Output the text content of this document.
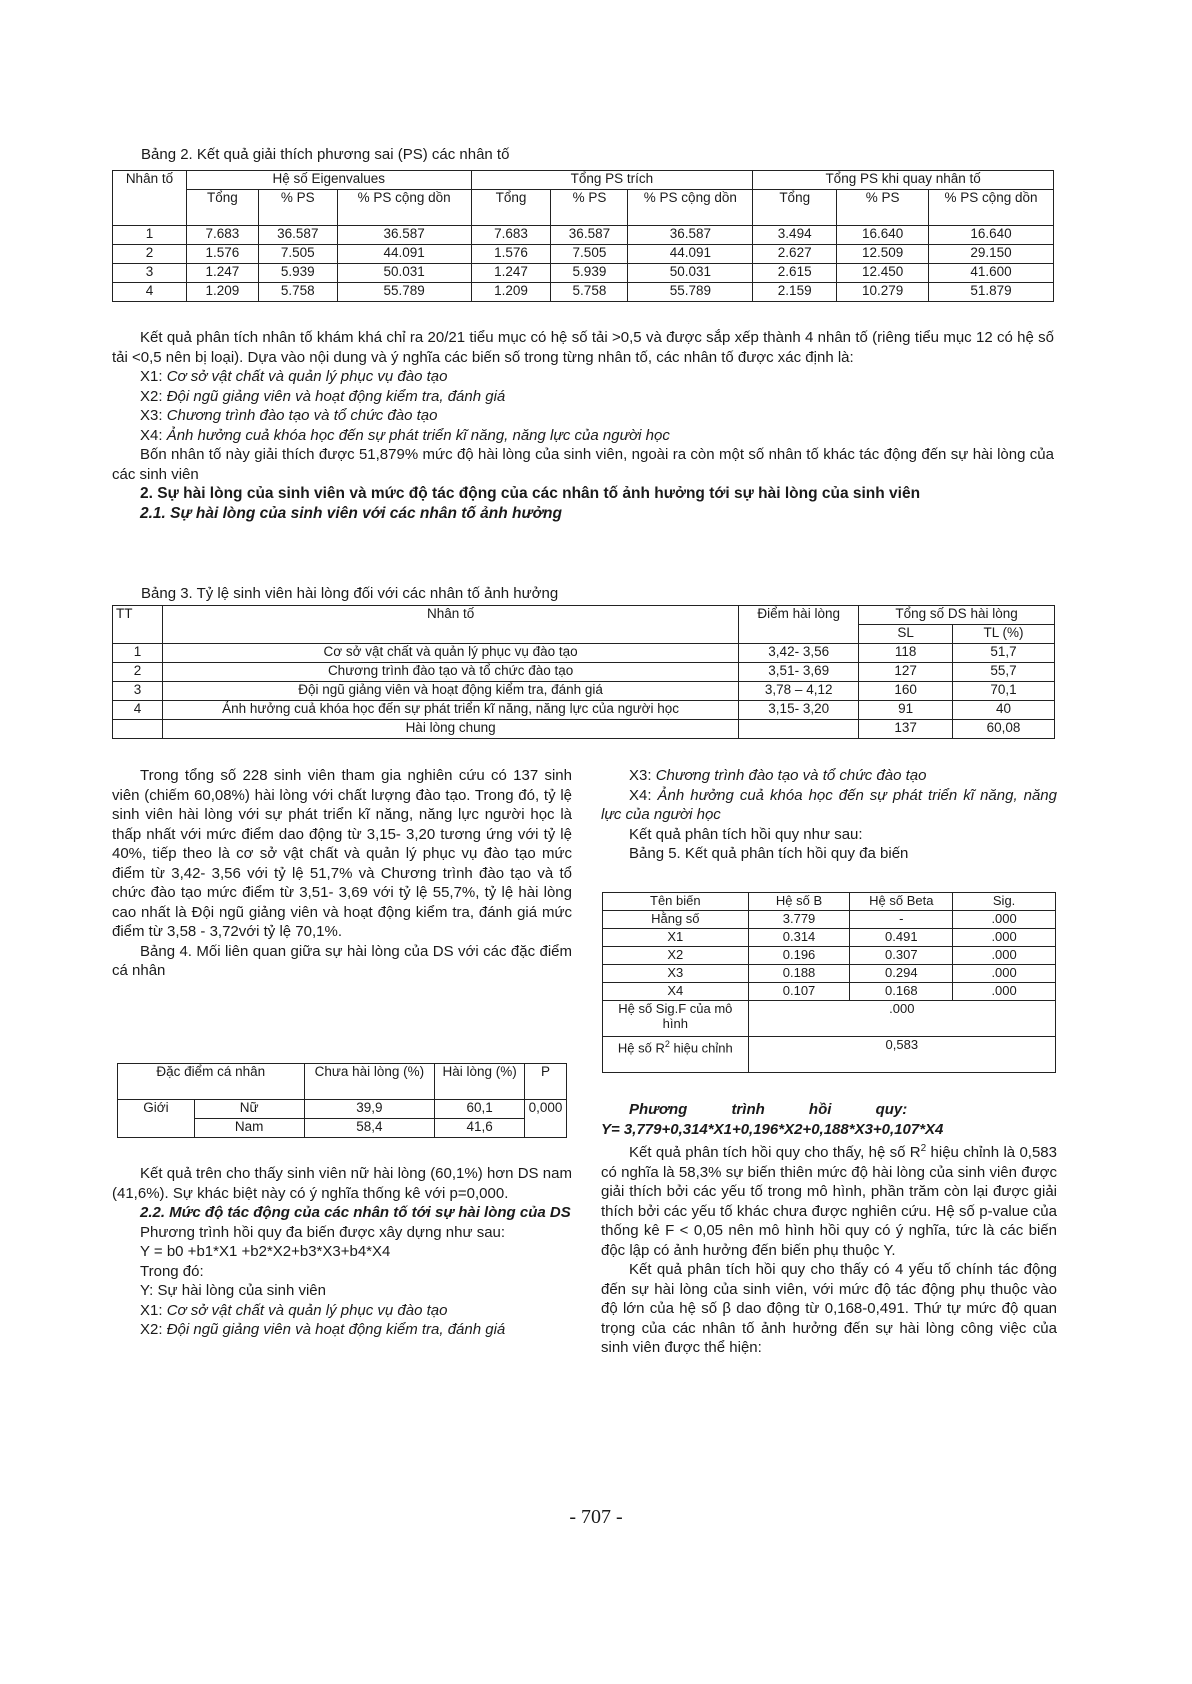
Bảng 2. Kết quả giải thích phương sai (PS) các nhân tố
Nhân tố	Hệ số Eigenvalues			Tổng PS trích			Tổng PS khi quay nhân tố		
	Tổng	% PS	% PS cộng dồn	Tổng	% PS	% PS cộng dồn	Tổng	% PS	% PS cộng dồn
1	7.683	36.587	36.587	7.683	36.587	36.587	3.494	16.640	16.640
2	1.576	7.505	44.091	1.576	7.505	44.091	2.627	12.509	29.150
3	1.247	5.939	50.031	1.247	5.939	50.031	2.615	12.450	41.600
4	1.209	5.758	55.789	1.209	5.758	55.789	2.159	10.279	51.879

Kết quả phân tích nhân tố khám khá chỉ ra 20/21 tiểu mục có hệ số tải >0,5 và được sắp xếp thành 4 nhân tố (riêng tiểu mục 12 có hệ số tải <0,5 nên bị loại). Dựa vào nội dung và ý nghĩa các biến số trong từng nhân tố, các nhân tố được xác định là:

X1: Cơ sở vật chất và quản lý phục vụ đào tạo

X2: Đội ngũ giảng viên và hoạt động kiểm tra, đánh giá

X3: Chương trình đào tạo và tổ chức đào tạo

X4: Ảnh hưởng cuả khóa học đến sự phát triển kĩ năng, năng lực của người học

Bốn nhân tố này giải thích được 51,879% mức độ hài lòng của sinh viên, ngoài ra còn một số nhân tố khác tác động đến sự hài lòng của các sinh viên

2. Sự hài lòng của sinh viên và mức độ tác động của các nhân tố ảnh hưởng tới sự hài lòng của sinh viên

2.1. Sự hài lòng của sinh viên với các nhân tố ảnh hưởng

Bảng 3. Tỷ lệ sinh viên hài lòng đối với các nhân tố ảnh hưởng
TT	Nhân tố	Điểm hài lòng	Tổng số DS hài lòng	
			SL	TL (%)
1	Cơ sở vật chất và quản lý phục vụ đào tạo	3,42- 3,56	118	51,7
2	Chương trình đào tạo và tổ chức đào tạo	3,51- 3,69	127	55,7
3	Đội ngũ giảng viên và hoạt động kiểm tra, đánh giá	3,78 – 4,12	160	70,1
4	Ảnh hưởng cuả khóa học đến sự phát triển kĩ năng, năng lực của người học	3,15- 3,20	91	40
	Hài lòng chung		137	60,08

Trong tổng số 228 sinh viên tham gia nghiên cứu có 137 sinh viên (chiếm 60,08%) hài lòng với chất lượng đào tạo. Trong đó, tỷ lệ sinh viên hài lòng với sự phát triển kĩ năng, năng lực người học là thấp nhất với mức điểm dao động từ 3,15- 3,20 tương ứng với tỷ lệ 40%, tiếp theo là cơ sở vật chất và quản lý phục vụ đào tạo mức điểm từ 3,42- 3,56 với tỷ lệ 51,7% và Chương trình đào tạo và tổ chức đào tạo mức điểm từ 3,51- 3,69 với tỷ lệ 55,7%, tỷ lệ hài lòng cao nhất là Đội ngũ giảng viên và hoạt động kiểm tra, đánh giá mức điểm từ 3,58 - 3,72với tỷ lệ 70,1%.

Bảng 4. Mối liên quan giữa sự hài lòng của DS với các đặc điểm cá nhân

Đặc điểm cá nhân		Chưa hài lòng (%)	Hài lòng (%)	P
Giới	Nữ	39,9	60,1	0,000
	Nam	58,4	41,6	

Kết quả trên cho thấy sinh viên nữ hài lòng (60,1%) hơn DS nam (41,6%). Sự khác biệt này có ý nghĩa thống kê với p=0,000.

2.2. Mức độ tác động của các nhân tố tới sự hài lòng của DS

Phương trình hồi quy đa biến được xây dựng như sau:

Y = b0 +b1*X1 +b2*X2+b3*X3+b4*X4

Trong đó:

Y: Sự hài lòng của sinh viên

X1: Cơ sở vật chất và quản lý phục vụ đào tạo

X2: Đội ngũ giảng viên và hoạt động kiểm tra, đánh giá

X3: Chương trình đào tạo và tổ chức đào tạo

X4: Ảnh hưởng cuả khóa học đến sự phát triển kĩ năng, năng lực của người học

Kết quả phân tích hồi quy như sau:

Bảng 5. Kết quả phân tích hồi quy đa biến

Tên biến	Hệ số B	Hệ số Beta	Sig.
Hằng số	3.779	-	.000
X1	0.314	0.491	.000
X2	0.196	0.307	.000
X3	0.188	0.294	.000
X4	0.107	0.168	.000
Hệ số Sig.F của mô hình	.000		
Hệ số $R^2$ hiệu chỉnh	0,583		

Phương trình hồi quy:

Y= 3,779+0,314*X1+0,196*X2+0,188*X3+0,107*X4

Kết quả phân tích hồi quy cho thấy, hệ số $R^2$ hiệu chỉnh là 0,583 có nghĩa là 58,3% sự biến thiên mức độ hài lòng của sinh viên được giải thích bởi các yếu tố trong mô hình, phần trăm còn lại được giải thích bởi các yếu tố khác chưa được nghiên cứu. Hệ số p-value của thống kê F < 0,05 nên mô hình hồi quy có ý nghĩa, tức là các biến độc lập có ảnh hưởng đến biến phụ thuộc Y.

Kết quả phân tích hồi quy cho thấy có 4 yếu tố chính tác động đến sự hài lòng của sinh viên, với mức độ tác động phụ thuộc vào độ lớn của hệ số β dao động từ 0,168-0,491. Thứ tự mức độ quan trọng của các nhân tố ảnh hưởng đến sự hài lòng công việc của sinh viên được thể hiện:

- 707 -
